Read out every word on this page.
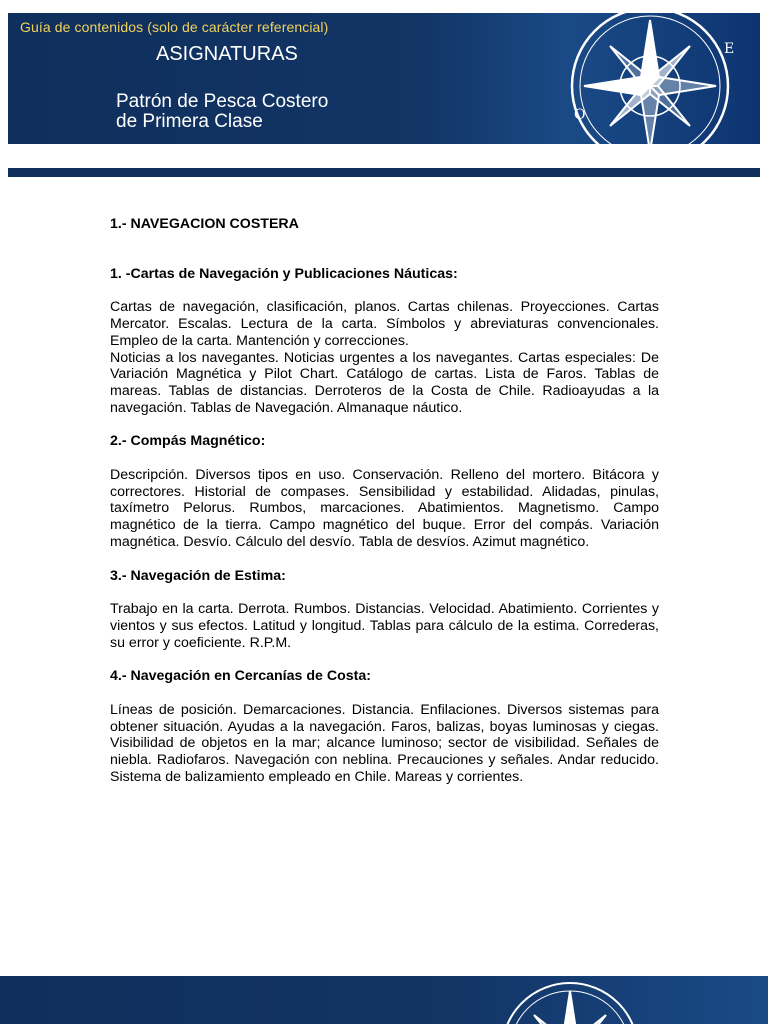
Guía de contenidos (solo de carácter referencial)
ASIGNATURAS
Patrón de Pesca Costero
de Primera Clase
E
O
1.- NAVEGACION COSTERA
1. -Cartas de Navegación y Publicaciones Náuticas:

Cartas de navegación, clasificación, planos. Cartas chilenas. Proyecciones. Cartas Mercator. Escalas. Lectura de la carta. Símbolos y abreviaturas convencionales. Empleo de la carta. Mantención y correcciones.

Noticias a los navegantes. Noticias urgentes a los navegantes. Cartas especiales: De Variación Magnética y Pilot Chart. Catálogo de cartas. Lista de Faros. Tablas de mareas. Tablas de distancias. Derroteros de la Costa de Chile. Radioayudas a la navegación. Tablas de Navegación. Almanaque náutico.

2.- Compás Magnético:

Descripción. Diversos tipos en uso. Conservación. Relleno del mortero. Bitácora y correctores. Historial de compases. Sensibilidad y estabilidad. Alidadas, pinulas, taxímetro Pelorus. Rumbos, marcaciones. Abatimientos. Magnetismo. Campo magnético de la tierra. Campo magnético del buque. Error del compás. Variación magnética. Desvío. Cálculo del desvío. Tabla de desvíos. Azimut magnético.

3.- Navegación de Estima:

Trabajo en la carta. Derrota. Rumbos. Distancias. Velocidad. Abatimiento. Corrientes y vientos y sus efectos. Latitud y longitud. Tablas para cálculo de la estima. Correderas, su error y coeficiente. R.P.M.

4.- Navegación en Cercanías de Costa:

Líneas de posición. Demarcaciones. Distancia. Enfilaciones. Diversos sistemas para obtener situación. Ayudas a la navegación. Faros, balizas, boyas luminosas y ciegas. Visibilidad de objetos en la mar; alcance luminoso; sector de visibilidad. Señales de niebla. Radiofaros. Navegación con neblina. Precauciones y señales. Andar reducido. Sistema de balizamiento empleado en Chile. Mareas y corrientes.
